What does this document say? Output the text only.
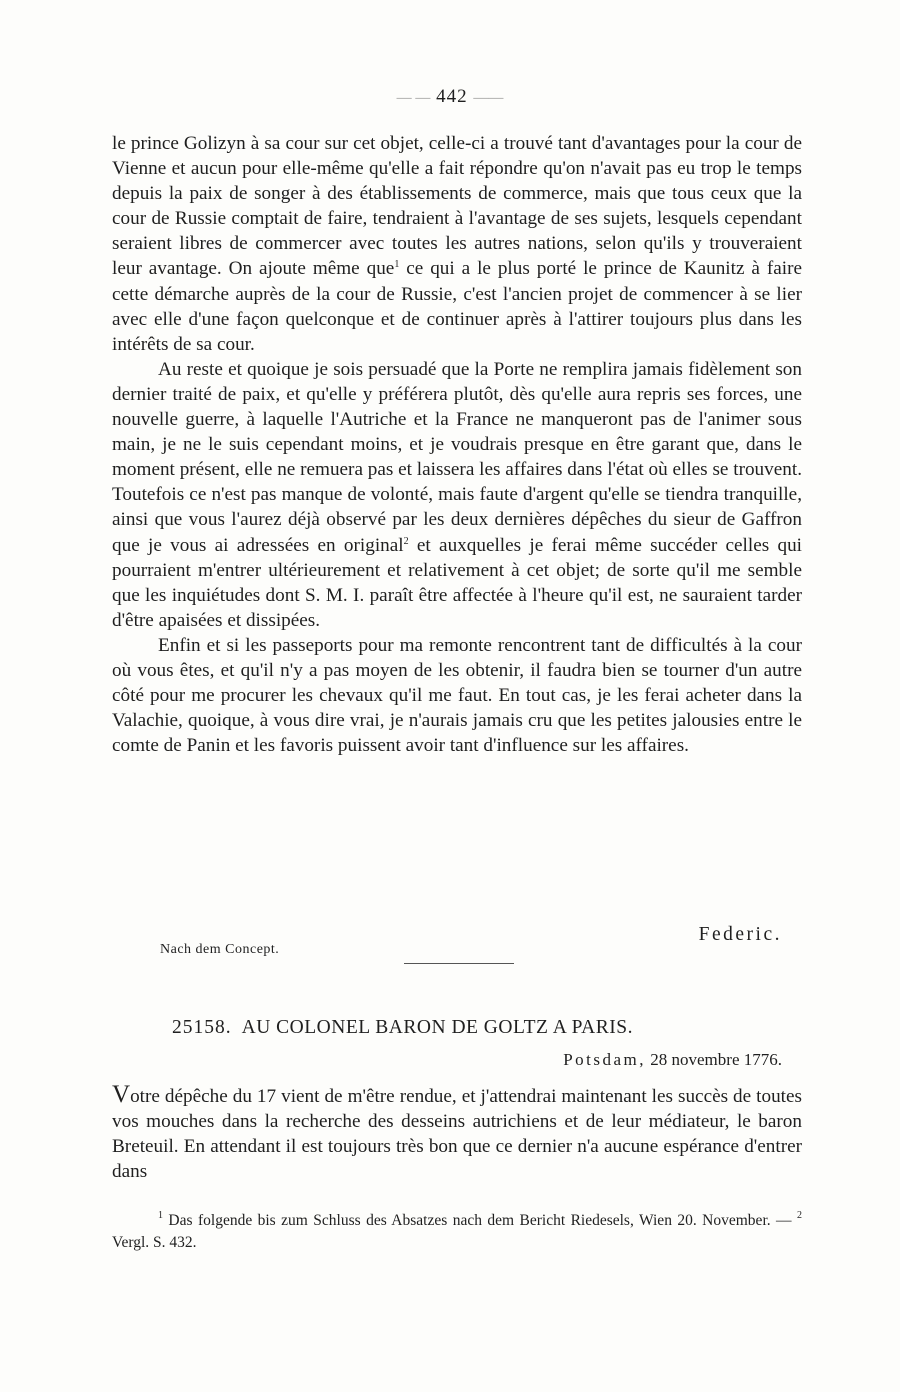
— — 442 ——

le prince Golizyn à sa cour sur cet objet, celle-ci a trouvé tant d'avantages pour la cour de Vienne et aucun pour elle-même qu'elle a fait répondre qu'on n'avait pas eu trop le temps depuis la paix de songer à des établissements de commerce, mais que tous ceux que la cour de Russie comptait de faire, tendraient à l'avantage de ses sujets, lesquels cependant seraient libres de commercer avec toutes les autres nations, selon qu'ils y trouveraient leur avantage. On ajoute même que$^1$ ce qui a le plus porté le prince de Kaunitz à faire cette démarche auprès de la cour de Russie, c'est l'ancien projet de commencer à se lier avec elle d'une façon quelconque et de continuer après à l'attirer toujours plus dans les intérêts de sa cour.

Au reste et quoique je sois persuadé que la Porte ne remplira jamais fidèlement son dernier traité de paix, et qu'elle y préférera plutôt, dès qu'elle aura repris ses forces, une nouvelle guerre, à laquelle l'Autriche et la France ne manqueront pas de l'animer sous main, je ne le suis cependant moins, et je voudrais presque en être garant que, dans le moment présent, elle ne remuera pas et laissera les affaires dans l'état où elles se trouvent. Toutefois ce n'est pas manque de volonté, mais faute d'argent qu'elle se tiendra tranquille, ainsi que vous l'aurez déjà observé par les deux dernières dépêches du sieur de Gaffron que je vous ai adressées en original$^2$ et auxquelles je ferai même succéder celles qui pourraient m'entrer ultérieurement et relativement à cet objet; de sorte qu'il me semble que les inquiétudes dont S. M. I. paraît être affectée à l'heure qu'il est, ne sauraient tarder d'être apaisées et dissipées.

Enfin et si les passeports pour ma remonte rencontrent tant de difficultés à la cour où vous êtes, et qu'il n'y a pas moyen de les obtenir, il faudra bien se tourner d'un autre côté pour me procurer les chevaux qu'il me faut. En tout cas, je les ferai acheter dans la Valachie, quoique, à vous dire vrai, je n'aurais jamais cru que les petites jalousies entre le comte de Panin et les favoris puissent avoir tant d'influence sur les affaires.

Federic.
Nach dem Concept.
25158. AU COLONEL BARON DE GOLTZ A PARIS.
Potsdam, 28 novembre 1776.

Votre dépêche du 17 vient de m'être rendue, et j'attendrai maintenant les succès de toutes vos mouches dans la recherche des desseins autrichiens et de leur médiateur, le baron Breteuil. En attendant il est toujours très bon que ce dernier n'a aucune espérance d'entrer dans

$^1$ Das folgende bis zum Schluss des Absatzes nach dem Bericht Riedesels, Wien 20. November. — $^2$ Vergl. S. 432.
